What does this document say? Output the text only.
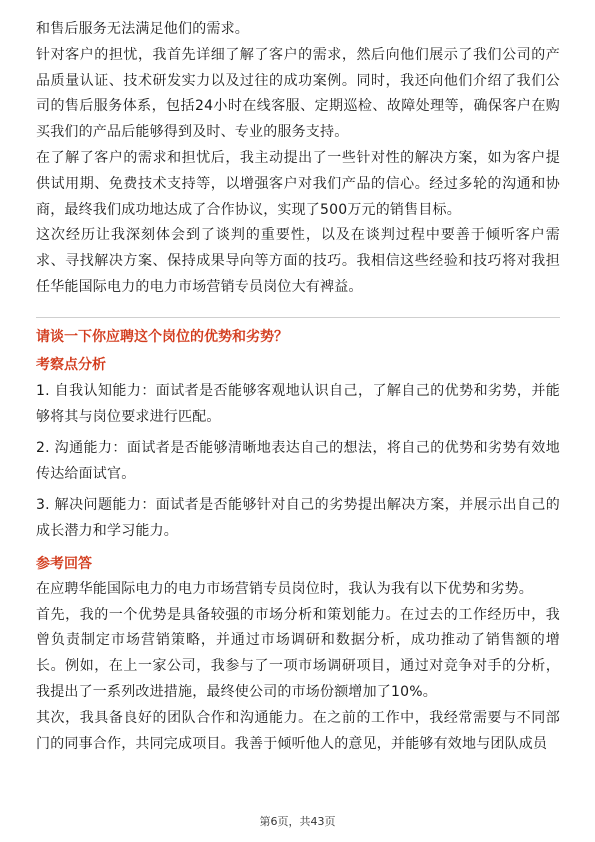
和售后服务无法满足他们的需求。

针对客户的担忧，我首先详细了解了客户的需求，然后向他们展示了我们公司的产品质量认证、技术研发实力以及过往的成功案例。同时，我还向他们介绍了我们公司的售后服务体系，包括24小时在线客服、定期巡检、故障处理等，确保客户在购买我们的产品后能够得到及时、专业的服务支持。

在了解了客户的需求和担忧后，我主动提出了一些针对性的解决方案，如为客户提供试用期、免费技术支持等，以增强客户对我们产品的信心。经过多轮的沟通和协商，最终我们成功地达成了合作协议，实现了500万元的销售目标。

这次经历让我深刻体会到了谈判的重要性，以及在谈判过程中要善于倾听客户需求、寻找解决方案、保持成果导向等方面的技巧。我相信这些经验和技巧将对我担任华能国际电力的电力市场营销专员岗位大有裨益。

请谈一下你应聘这个岗位的优势和劣势？

考察点分析

1. 自我认知能力：面试者是否能够客观地认识自己，了解自己的优势和劣势，并能够将其与岗位要求进行匹配。

2. 沟通能力：面试者是否能够清晰地表达自己的想法，将自己的优势和劣势有效地传达给面试官。

3. 解决问题能力：面试者是否能够针对自己的劣势提出解决方案，并展示出自己的成长潜力和学习能力。

参考回答

在应聘华能国际电力的电力市场营销专员岗位时，我认为我有以下优势和劣势。

首先，我的一个优势是具备较强的市场分析和策划能力。在过去的工作经历中，我曾负责制定市场营销策略，并通过市场调研和数据分析，成功推动了销售额的增长。例如，在上一家公司，我参与了一项市场调研项目，通过对竞争对手的分析，我提出了一系列改进措施，最终使公司的市场份额增加了10%。

其次，我具备良好的团队合作和沟通能力。在之前的工作中，我经常需要与不同部门的同事合作，共同完成项目。我善于倾听他人的意见，并能够有效地与团队成员

第6页，共43页
